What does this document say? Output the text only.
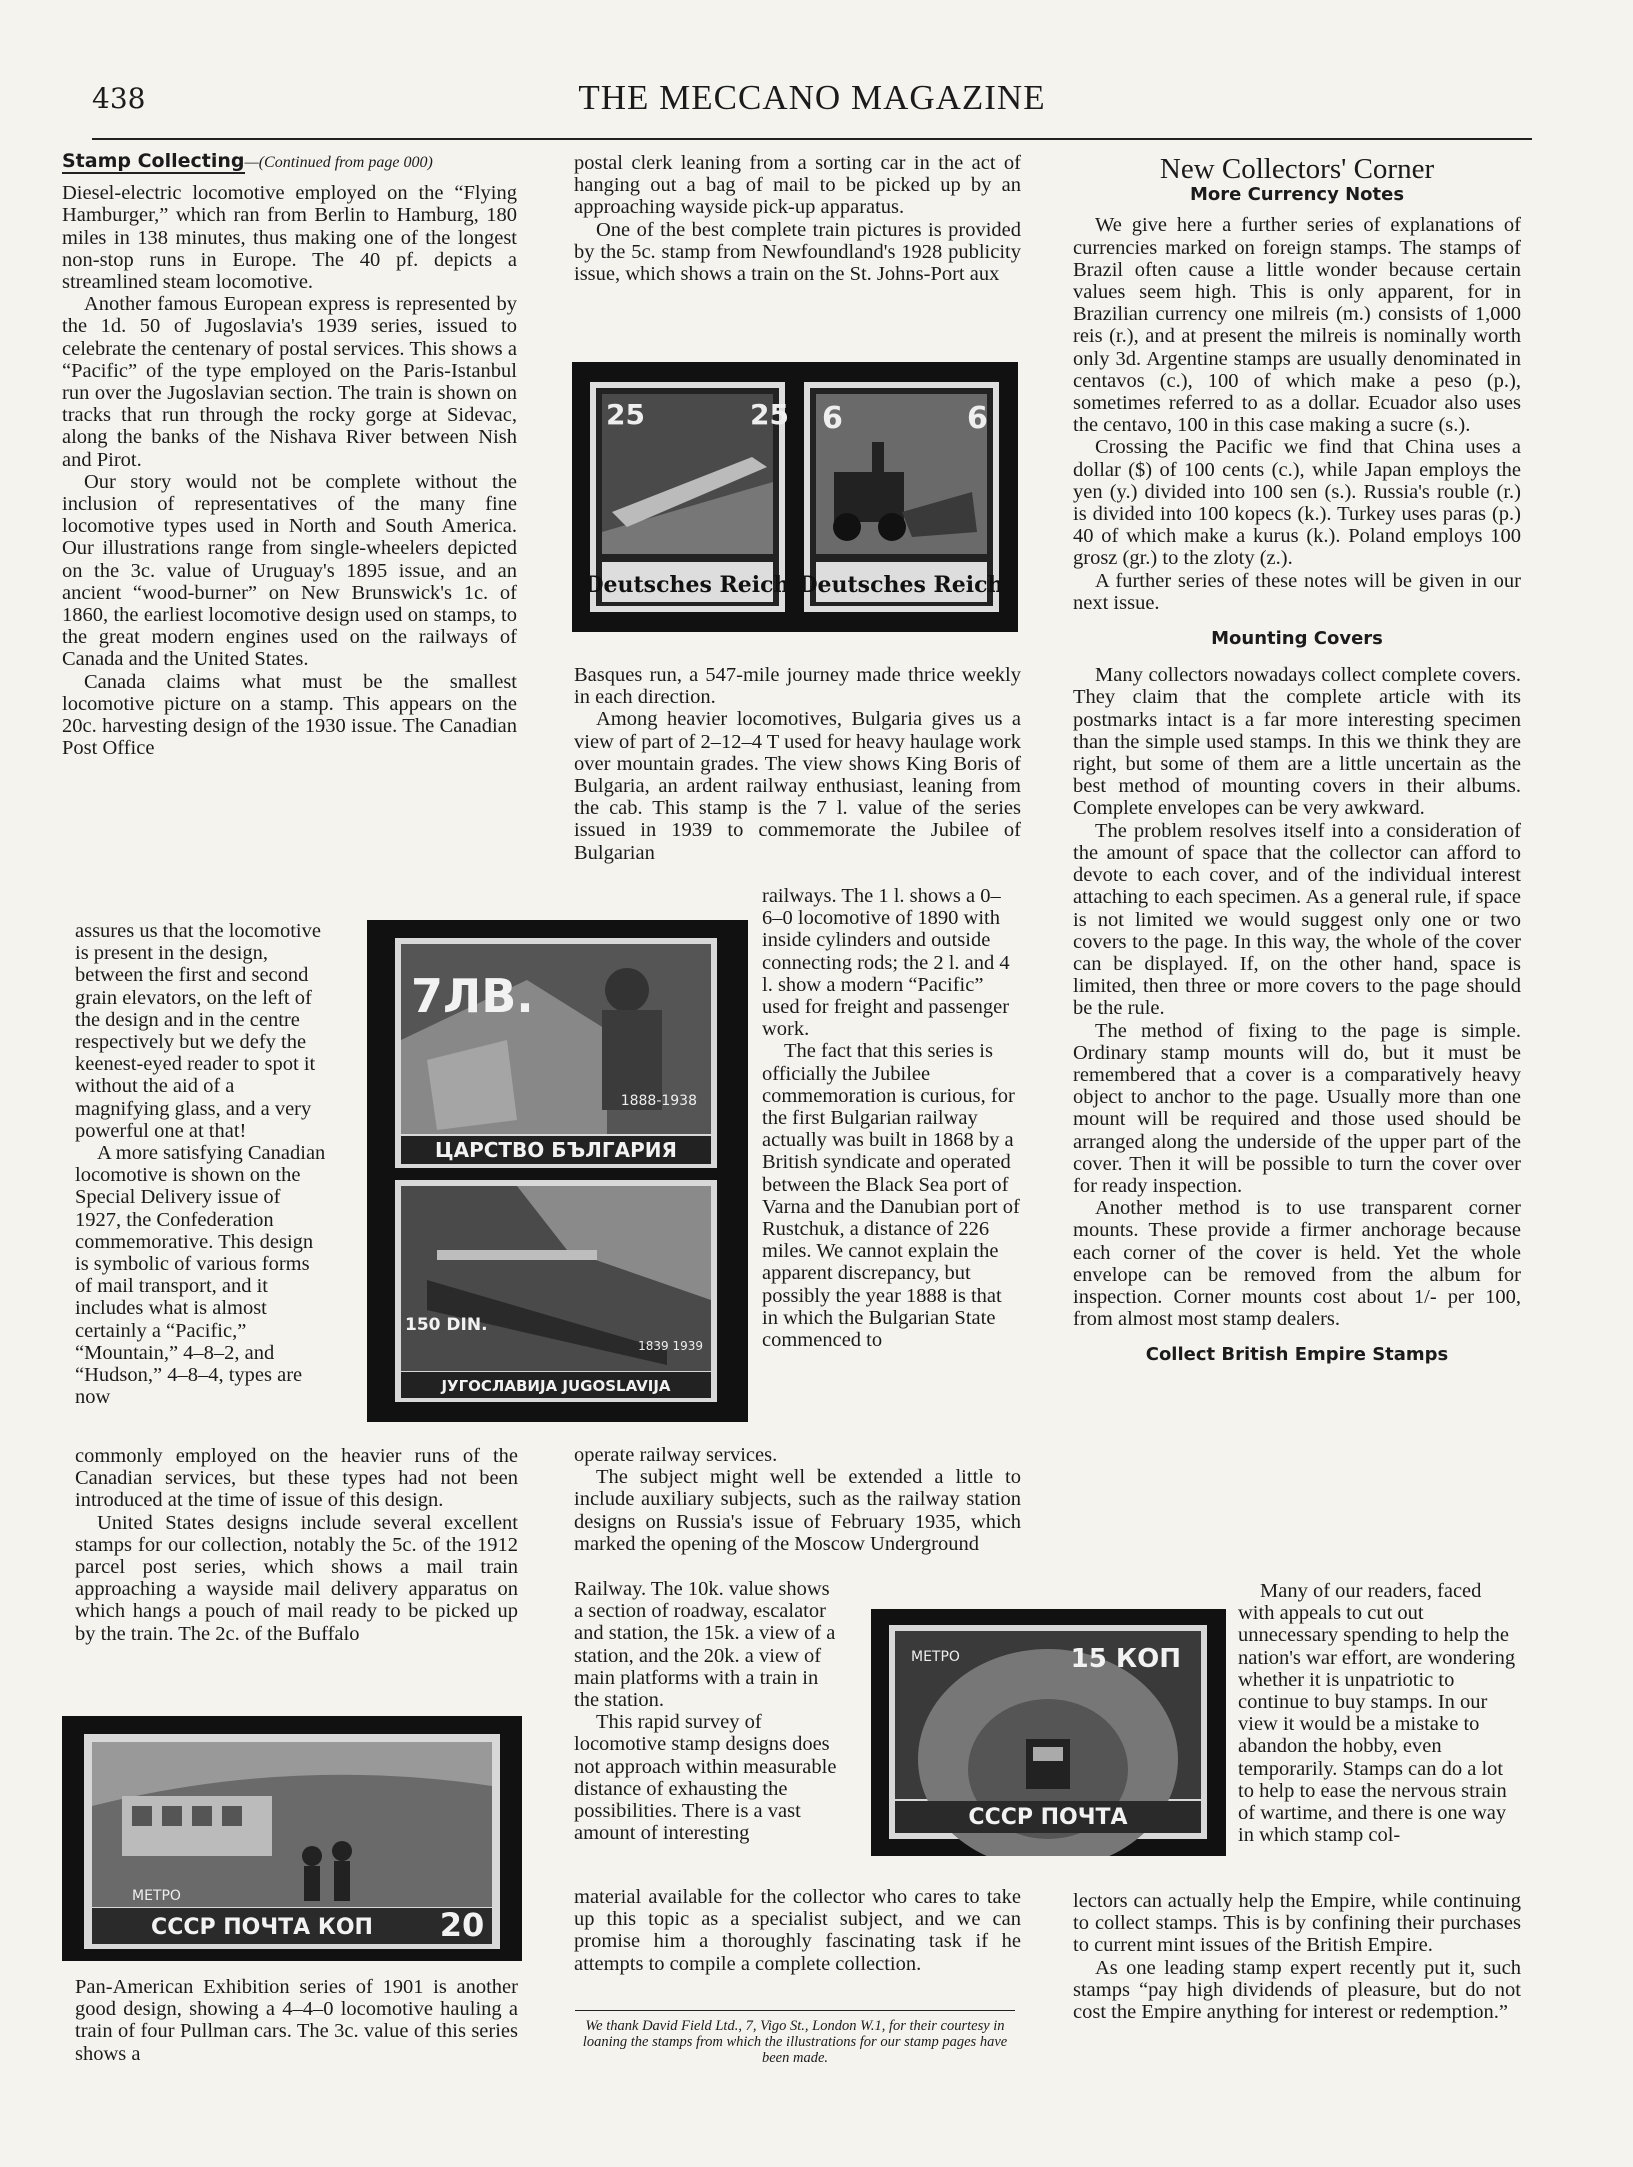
438	THE MECCANO MAGAZINE

Stamp Collecting—(Continued from page 000)

Diesel-electric locomotive employed on the “Flying Hamburger,” which ran from Berlin to Hamburg, 180 miles in 138 minutes, thus making one of the longest non-stop runs in Europe. The 40 pf. depicts a streamlined steam locomotive.

Another famous European express is represented by the 1d. 50 of Jugoslavia's 1939 series, issued to celebrate the centenary of postal services. This shows a “Pacific” of the type employed on the Paris-Istanbul run over the Jugoslavian section. The train is shown on tracks that run through the rocky gorge at Sidevac, along the banks of the Nishava River between Nish and Pirot.

Our story would not be complete without the inclusion of representatives of the many fine locomotive types used in North and South America. Our illustrations range from single-wheelers depicted on the 3c. value of Uruguay's 1895 issue, and an ancient “wood-burner” on New Brunswick's 1c. of 1860, the earliest locomotive design used on stamps, to the great modern engines used on the railways of Canada and the United States.

Canada claims what must be the smallest locomotive picture on a stamp. This appears on the 20c. harvesting design of the 1930 issue. The Canadian Post Office

assures us that the locomotive is present in the design, between the first and second grain elevators, on the left of the design and in the centre respectively but we defy the keenest-eyed reader to spot it without the aid of a magnifying glass, and a very powerful one at that!

A more satisfying Canadian locomotive is shown on the Special Delivery issue of 1927, the Confederation commemorative. This design is symbolic of various forms of mail transport, and it includes what is almost certainly a “Pacific,” “Mountain,” 4–8–2, and “Hudson,” 4–8–4, types are now

commonly employed on the heavier runs of the Canadian services, but these types had not been introduced at the time of issue of this design.

United States designs include several excellent stamps for our collection, notably the 5c. of the 1912 parcel post series, which shows a mail train approaching a wayside mail delivery apparatus on which hangs a pouch of mail ready to be picked up by the train. The 2c. of the Buffalo

Pan-American Exhibition series of 1901 is another good design, showing a 4–4–0 locomotive hauling a train of four Pullman cars. The 3c. value of this series shows a

postal clerk leaning from a sorting car in the act of hanging out a bag of mail to be picked up by an approaching wayside pick-up apparatus.

One of the best complete train pictures is provided by the 5c. stamp from Newfoundland's 1928 publicity issue, which shows a train on the St. Johns-Port aux

Basques run, a 547-mile journey made thrice weekly in each direction.

Among heavier locomotives, Bulgaria gives us a view of part of 2–12–4 T used for heavy haulage work over mountain grades. The view shows King Boris of Bulgaria, an ardent railway enthusiast, leaning from the cab. This stamp is the 7 l. value of the series issued in 1939 to commemorate the Jubilee of Bulgarian

railways. The 1 l. shows a 0–6–0 locomotive of 1890 with inside cylinders and outside connecting rods; the 2 l. and 4 l. show a modern “Pacific” used for freight and passenger work.

The fact that this series is officially the Jubilee commemoration is curious, for the first Bulgarian railway actually was built in 1868 by a British syndicate and operated between the Black Sea port of Varna and the Danubian port of Rustchuk, a distance of 226 miles. We cannot explain the apparent discrepancy, but possibly the year 1888 is that in which the Bulgarian State commenced to

operate railway services.

The subject might well be extended a little to include auxiliary subjects, such as the railway station designs on Russia's issue of February 1935, which marked the opening of the Moscow Underground

Railway. The 10k. value shows a section of roadway, escalator and station, the 15k. a view of a station, and the 20k. a view of main platforms with a train in the station.

This rapid survey of locomotive stamp designs does not approach within measurable distance of exhausting the possibilities. There is a vast amount of interesting

material available for the collector who cares to take up this topic as a specialist subject, and we can promise him a thoroughly fascinating task if he attempts to compile a complete collection.

We thank David Field Ltd., 7, Vigo St., London W.1, for their courtesy in loaning the stamps from which the illustrations for our stamp pages have been made.
New Collectors' Corner
More Currency Notes

We give here a further series of explanations of currencies marked on foreign stamps. The stamps of Brazil often cause a little wonder because certain values seem high. This is only apparent, for in Brazilian currency one milreis (m.) consists of 1,000 reis (r.), and at present the milreis is nominally worth only 3d. Argentine stamps are usually denominated in centavos (c.), 100 of which make a peso (p.), sometimes referred to as a dollar. Ecuador also uses the centavo, 100 in this case making a sucre (s.).

Crossing the Pacific we find that China uses a dollar ($) of 100 cents (c.), while Japan employs the yen (y.) divided into 100 sen (s.). Russia's rouble (r.) is divided into 100 kopecs (k.). Turkey uses paras (p.) 40 of which make a kurus (k.). Poland employs 100 grosz (gr.) to the zloty (z.).

A further series of these notes will be given in our next issue.

Mounting Covers

Many collectors nowadays collect complete covers. They claim that the complete article with its postmarks intact is a far more interesting specimen than the simple used stamps. In this we think they are right, but some of them are a little uncertain as the best method of mounting covers in their albums. Complete envelopes can be very awkward.

The problem resolves itself into a consideration of the amount of space that the collector can afford to devote to each cover, and of the individual interest attaching to each specimen. As a general rule, if space is not limited we would suggest only one or two covers to the page. In this way, the whole of the cover can be displayed. If, on the other hand, space is limited, then three or more covers to the page should be the rule.

The method of fixing to the page is simple. Ordinary stamp mounts will do, but it must be remembered that a cover is a comparatively heavy object to anchor to the page. Usually more than one mount will be required and those used should be arranged along the underside of the upper part of the cover. Then it will be possible to turn the cover over for ready inspection.

Another method is to use transparent corner mounts. These provide a firmer anchorage because each corner of the cover is held. Yet the whole envelope can be removed from the album for inspection. Corner mounts cost about 1/- per 100, from almost most stamp dealers.

Collect British Empire Stamps

Many of our readers, faced with appeals to cut out unnecessary spending to help the nation's war effort, are wondering whether it is unpatriotic to continue to buy stamps. In our view it would be a mistake to abandon the hobby, even temporarily. Stamps can do a lot to help to ease the nervous strain of wartime, and there is one way in which stamp col-

lectors can actually help the Empire, while continuing to collect stamps. This is by confining their purchases to current mint issues of the British Empire.

As one leading stamp expert recently put it, such stamps “pay high dividends of pleasure, but do not cost the Empire anything for interest or redemption.”

Deutsches Reich
25	25
Deutsches Reich
6	6
7ЛВ.
1888-1938
ЦАРСТВО БЪЛГАРИЯ
150 DIN.
1839 1939
ЈУГОСЛАВИЈА JUGOSLAVIJA
МЕТРО
СССР ПОЧТА КОП 20
МЕТРО	15 КОП
СССР ПОЧТА
